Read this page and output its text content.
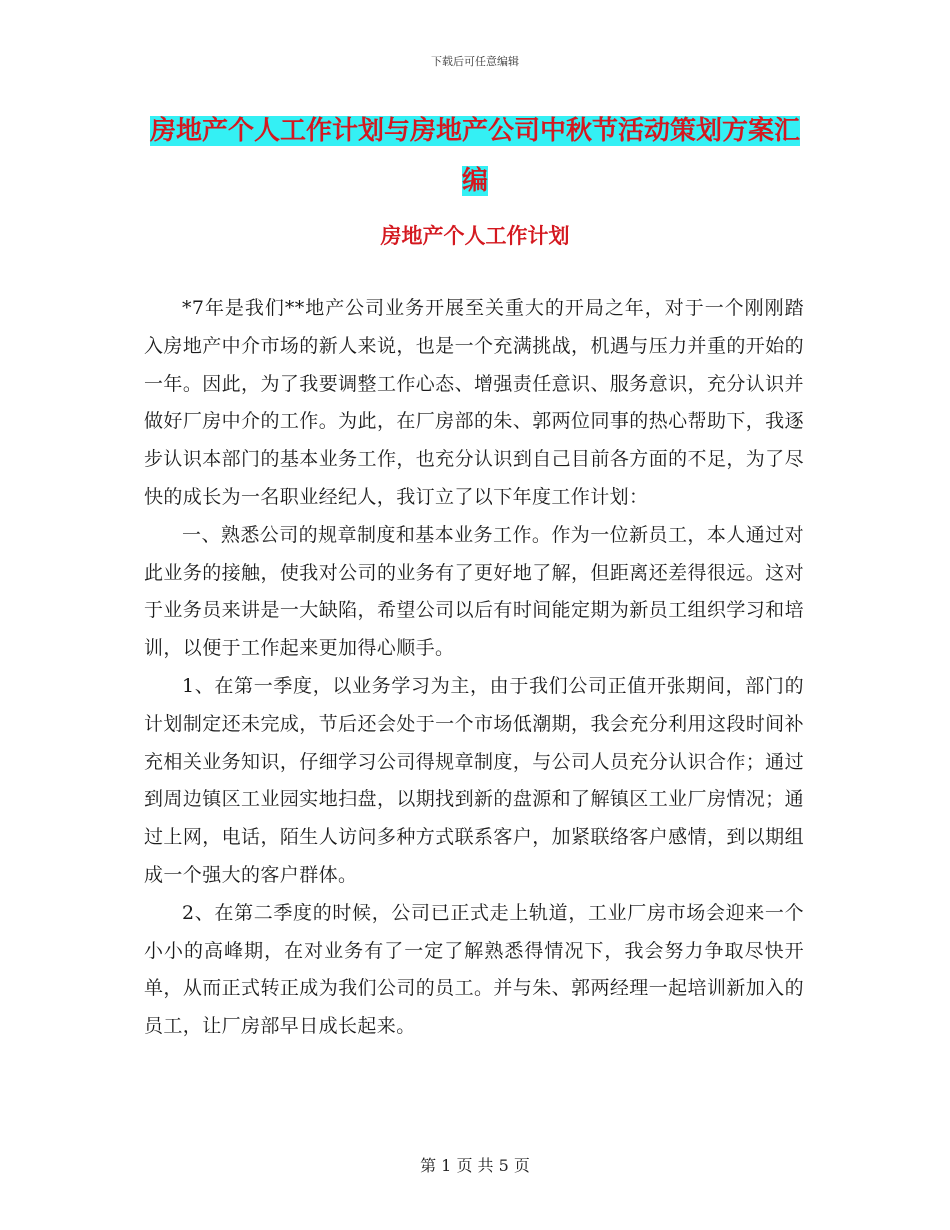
下载后可任意编辑
房地产个人工作计划与房地产公司中秋节活动策划方案汇编
房地产个人工作计划

*7年是我们**地产公司业务开展至关重大的开局之年，对于一个刚刚踏入房地产中介市场的新人来说，也是一个充满挑战，机遇与压力并重的开始的一年。因此，为了我要调整工作心态、增强责任意识、服务意识，充分认识并做好厂房中介的工作。为此，在厂房部的朱、郭两位同事的热心帮助下，我逐步认识本部门的基本业务工作，也充分认识到自己目前各方面的不足，为了尽快的成长为一名职业经纪人，我订立了以下年度工作计划：

一、熟悉公司的规章制度和基本业务工作。作为一位新员工，本人通过对此业务的接触，使我对公司的业务有了更好地了解，但距离还差得很远。这对于业务员来讲是一大缺陷，希望公司以后有时间能定期为新员工组织学习和培训，以便于工作起来更加得心顺手。

1、在第一季度，以业务学习为主，由于我们公司正值开张期间，部门的计划制定还未完成，节后还会处于一个市场低潮期，我会充分利用这段时间补充相关业务知识，仔细学习公司得规章制度，与公司人员充分认识合作；通过到周边镇区工业园实地扫盘，以期找到新的盘源和了解镇区工业厂房情况；通过上网，电话，陌生人访问多种方式联系客户，加紧联络客户感情，到以期组成一个强大的客户群体。

2、在第二季度的时候，公司已正式走上轨道，工业厂房市场会迎来一个小小的高峰期，在对业务有了一定了解熟悉得情况下，我会努力争取尽快开单，从而正式转正成为我们公司的员工。并与朱、郭两经理一起培训新加入的员工，让厂房部早日成长起来。

第 1 页 共 5 页
